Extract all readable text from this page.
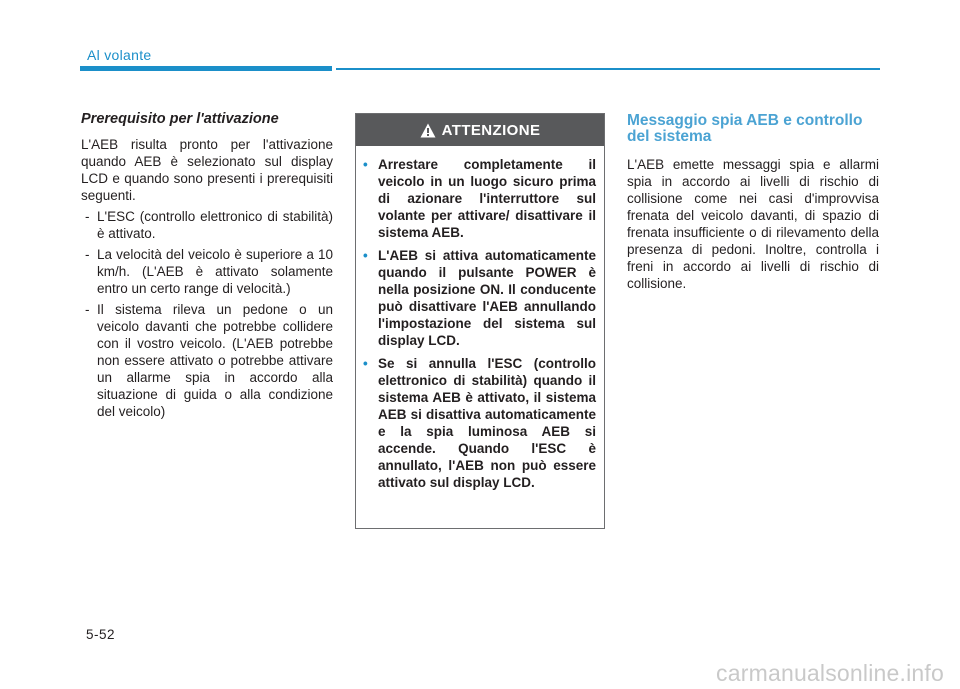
Al volante
Prerequisito per l'attivazione

L'AEB risulta pronto per l'attivazione quando AEB è selezionato sul display LCD e quando sono presenti i prerequisiti seguenti.

- L'ESC (controllo elettronico di stabilità) è attivato.
- La velocità del veicolo è superiore a 10 km/h. (L'AEB è attivato solamente entro un certo range di velocità.)
- Il sistema rileva un pedone o un veicolo davanti che potrebbe collidere con il vostro veicolo. (L'AEB potrebbe non essere attivato o potrebbe attivare un allarme spia in accordo alla situazione di guida o alla condizione del veicolo)
ATTENZIONE
• Arrestare completamente il veicolo in un luogo sicuro prima di azionare l'interruttore sul volante per attivare/ disattivare il sistema AEB.
• L'AEB si attiva automaticamente quando il pulsante POWER è nella posizione ON. Il conducente può disattivare l'AEB annullando l'impostazione del sistema sul display LCD.
• Se si annulla l'ESC (controllo elettronico di stabilità) quando il sistema AEB è attivato, il sistema AEB si disattiva automaticamente e la spia luminosa AEB si accende. Quando l'ESC è annullato, l'AEB non può essere attivato sul display LCD.
Messaggio spia AEB e controllo del sistema

L'AEB emette messaggi spia e allarmi spia in accordo ai livelli di rischio di collisione come nei casi d'improvvisa frenata del veicolo davanti, di spazio di frenata insufficiente o di rilevamento della presenza di pedoni. Inoltre, controlla i freni in accordo ai livelli di rischio di collisione.

5-52
carmanualsonline.info
